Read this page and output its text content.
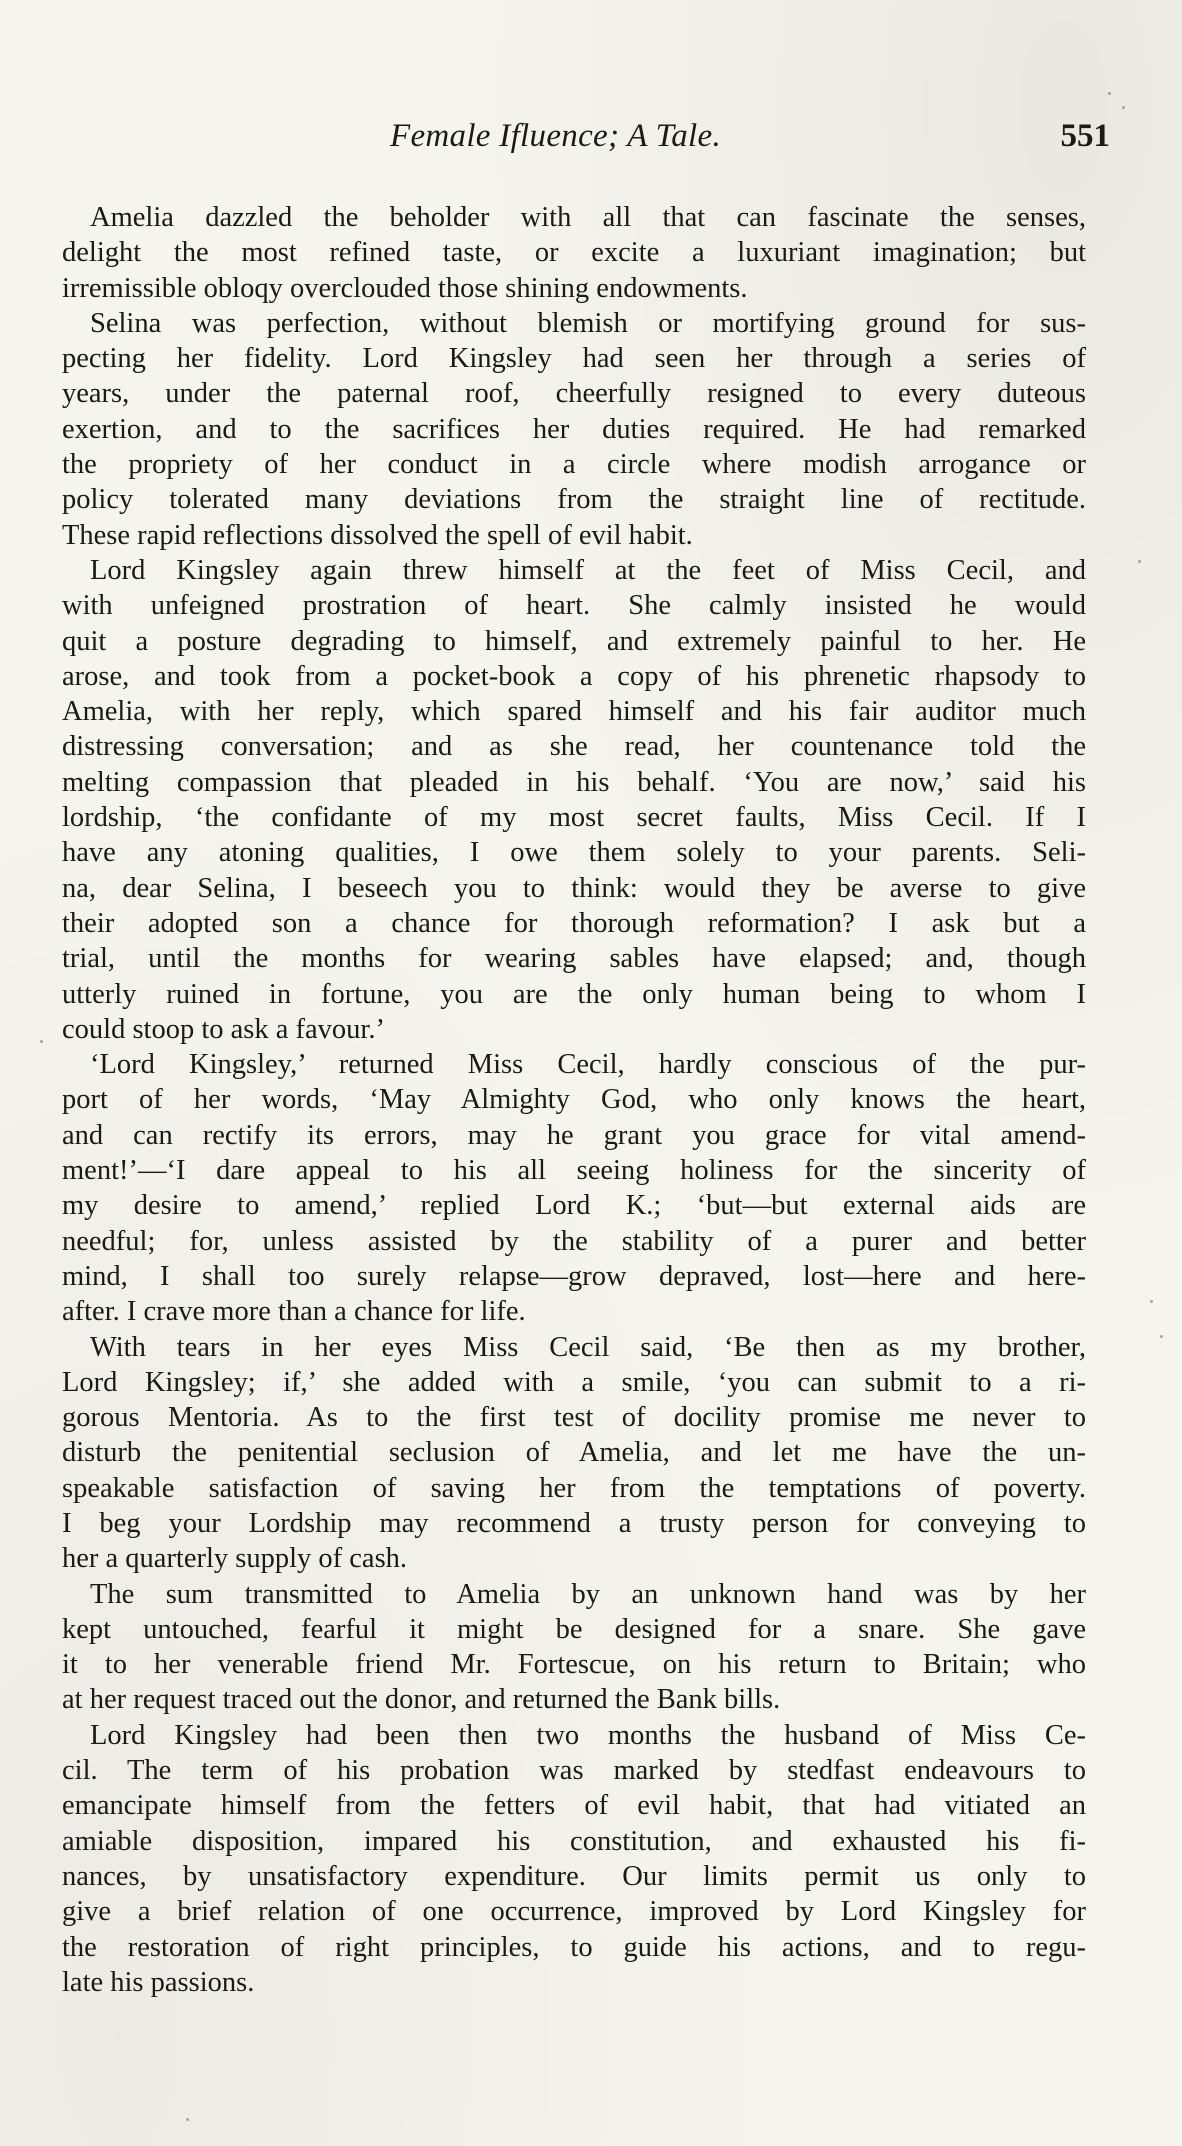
Female Ifluence; A Tale.	551
Amelia dazzled the beholder with all that can fascinate the senses,
delight the most refined taste, or excite a luxuriant imagination; but
irremissible obloqy overclouded those shining endowments.
Selina was perfection, without blemish or mortifying ground for sus-
pecting her fidelity. Lord Kingsley had seen her through a series of
years, under the paternal roof, cheerfully resigned to every duteous
exertion, and to the sacrifices her duties required. He had remarked
the propriety of her conduct in a circle where modish arrogance or
policy tolerated many deviations from the straight line of rectitude.
These rapid reflections dissolved the spell of evil habit.
Lord Kingsley again threw himself at the feet of Miss Cecil, and
with unfeigned prostration of heart. She calmly insisted he would
quit a posture degrading to himself, and extremely painful to her. He
arose, and took from a pocket-book a copy of his phrenetic rhapsody to
Amelia, with her reply, which spared himself and his fair auditor much
distressing conversation; and as she read, her countenance told the
melting compassion that pleaded in his behalf. ‘You are now,’ said his
lordship, ‘the confidante of my most secret faults, Miss Cecil. If I
have any atoning qualities, I owe them solely to your parents. Seli-
na, dear Selina, I beseech you to think: would they be averse to give
their adopted son a chance for thorough reformation? I ask but a
trial, until the months for wearing sables have elapsed; and, though
utterly ruined in fortune, you are the only human being to whom I
could stoop to ask a favour.’
‘Lord Kingsley,’ returned Miss Cecil, hardly conscious of the pur-
port of her words, ‘May Almighty God, who only knows the heart,
and can rectify its errors, may he grant you grace for vital amend-
ment!’—‘I dare appeal to his all seeing holiness for the sincerity of
my desire to amend,’ replied Lord K.; ‘but—but external aids are
needful; for, unless assisted by the stability of a purer and better
mind, I shall too surely relapse—grow depraved, lost—here and here-
after. I crave more than a chance for life.
With tears in her eyes Miss Cecil said, ‘Be then as my brother,
Lord Kingsley; if,’ she added with a smile, ‘you can submit to a ri-
gorous Mentoria. As to the first test of docility promise me never to
disturb the penitential seclusion of Amelia, and let me have the un-
speakable satisfaction of saving her from the temptations of poverty.
I beg your Lordship may recommend a trusty person for conveying to
her a quarterly supply of cash.
The sum transmitted to Amelia by an unknown hand was by her
kept untouched, fearful it might be designed for a snare. She gave
it to her venerable friend Mr. Fortescue, on his return to Britain; who
at her request traced out the donor, and returned the Bank bills.
Lord Kingsley had been then two months the husband of Miss Ce-
cil. The term of his probation was marked by stedfast endeavours to
emancipate himself from the fetters of evil habit, that had vitiated an
amiable disposition, impared his constitution, and exhausted his fi-
nances, by unsatisfactory expenditure. Our limits permit us only to
give a brief relation of one occurrence, improved by Lord Kingsley for
the restoration of right principles, to guide his actions, and to regu-
late his passions.
